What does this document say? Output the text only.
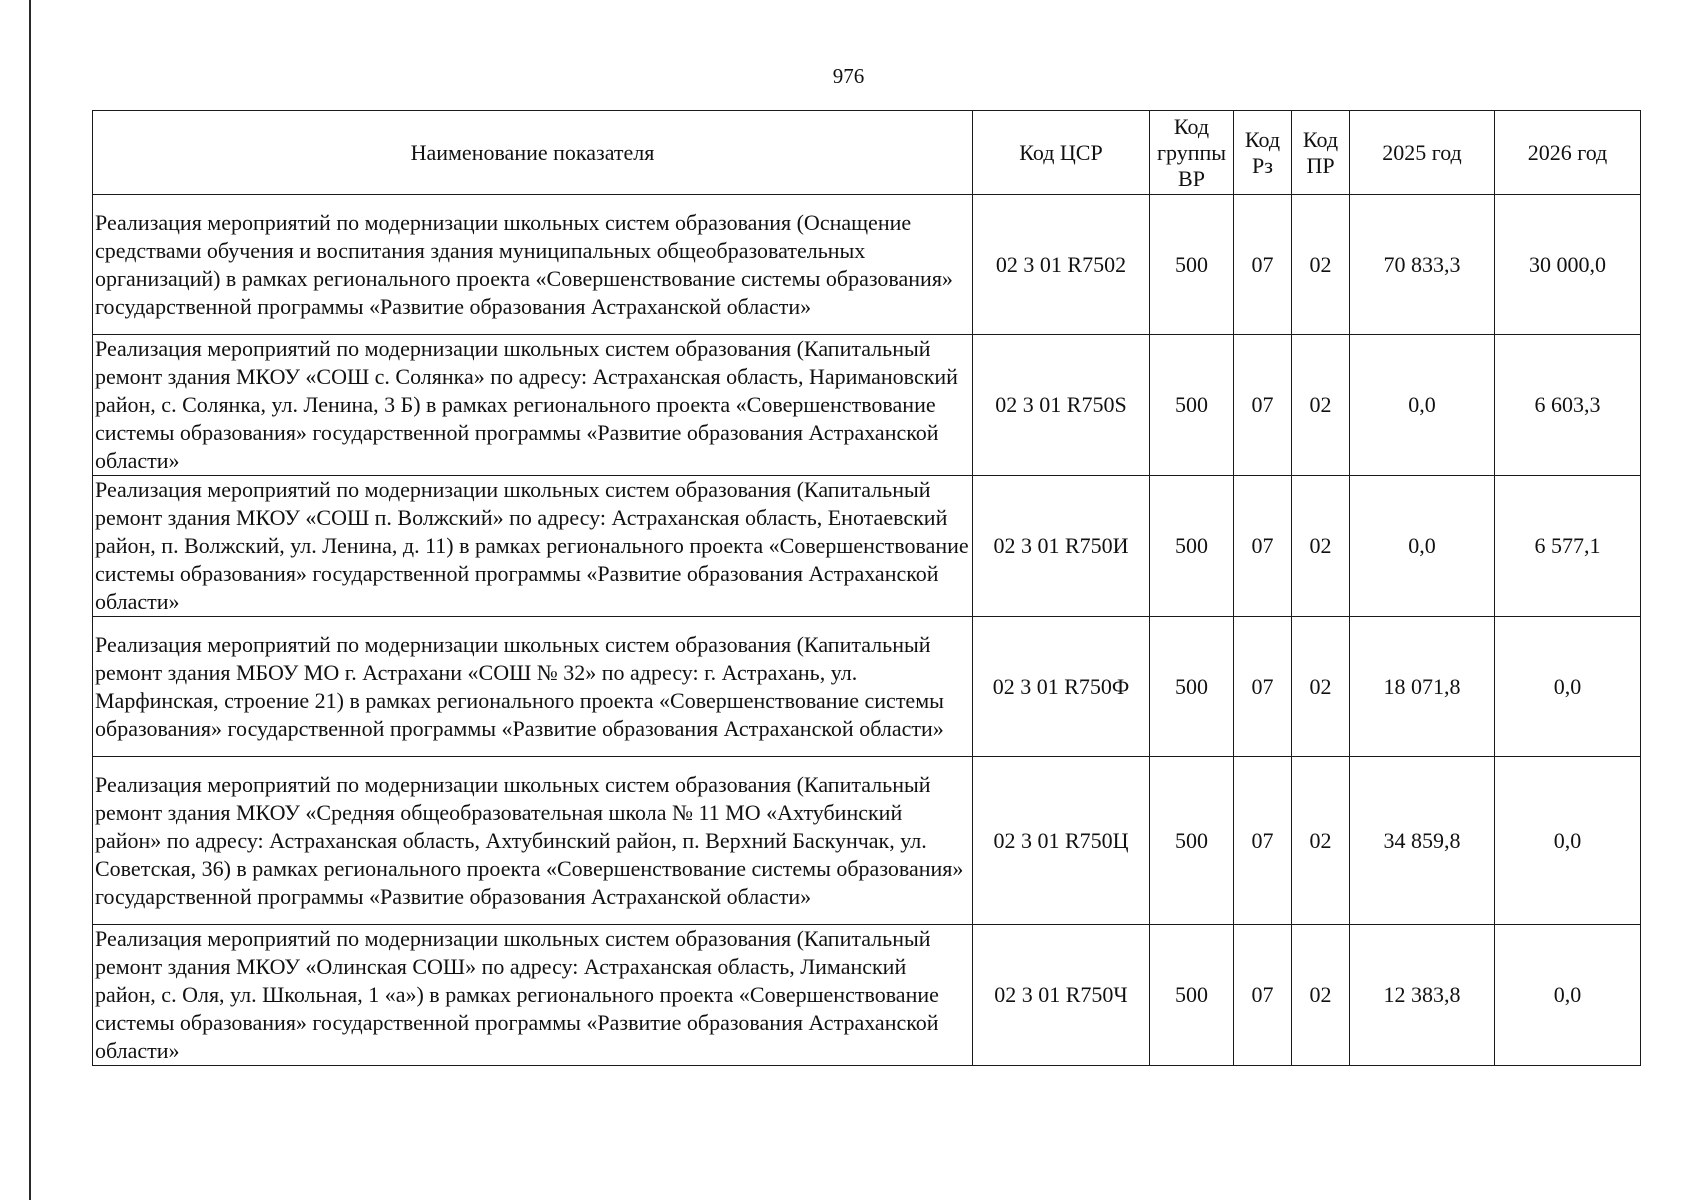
976
Наименование показателя	Код ЦСР	Код группы ВР	Код Рз	Код ПР	2025 год	2026 год
Реализация мероприятий по модернизации школьных систем образования (Оснащение средствами обучения и воспитания здания муниципальных общеобразовательных организаций) в рамках регионального проекта «Совершенствование системы образования» государственной программы «Развитие образования Астраханской области»	02 3 01 R7502	500	07	02	70 833,3	30 000,0
Реализация мероприятий по модернизации школьных систем образования (Капитальный ремонт здания МКОУ «СОШ с. Солянка» по адресу: Астраханская область, Наримановский район, с. Солянка, ул. Ленина, 3 Б) в рамках регионального проекта «Совершенствование системы образования» государственной программы «Развитие образования Астраханской области»	02 3 01 R750S	500	07	02	0,0	6 603,3
Реализация мероприятий по модернизации школьных систем образования (Капитальный ремонт здания МКОУ «СОШ п. Волжский» по адресу: Астраханская область, Енотаевский район, п. Волжский, ул. Ленина, д. 11) в рамках регионального проекта «Совершенствование системы образования» государственной программы «Развитие образования Астраханской области»	02 3 01 R750И	500	07	02	0,0	6 577,1
Реализация мероприятий по модернизации школьных систем образования (Капитальный ремонт здания МБОУ МО г. Астрахани «СОШ № 32» по адресу: г. Астрахань, ул. Марфинская, строение 21) в рамках регионального проекта «Совершенствование системы образования» государственной программы «Развитие образования Астраханской области»	02 3 01 R750Ф	500	07	02	18 071,8	0,0
Реализация мероприятий по модернизации школьных систем образования (Капитальный ремонт здания МКОУ «Средняя общеобразовательная школа № 11 МО «Ахтубинский район» по адресу: Астраханская область, Ахтубинский район, п. Верхний Баскунчак, ул. Советская, 36) в рамках регионального проекта «Совершенствование системы образования» государственной программы «Развитие образования Астраханской области»	02 3 01 R750Ц	500	07	02	34 859,8	0,0
Реализация мероприятий по модернизации школьных систем образования (Капитальный ремонт здания МКОУ «Олинская СОШ» по адресу: Астраханская область, Лиманский район, с. Оля, ул. Школьная, 1 «а») в рамках регионального проекта «Совершенствование системы образования» государственной программы «Развитие образования Астраханской области»	02 3 01 R750Ч	500	07	02	12 383,8	0,0
